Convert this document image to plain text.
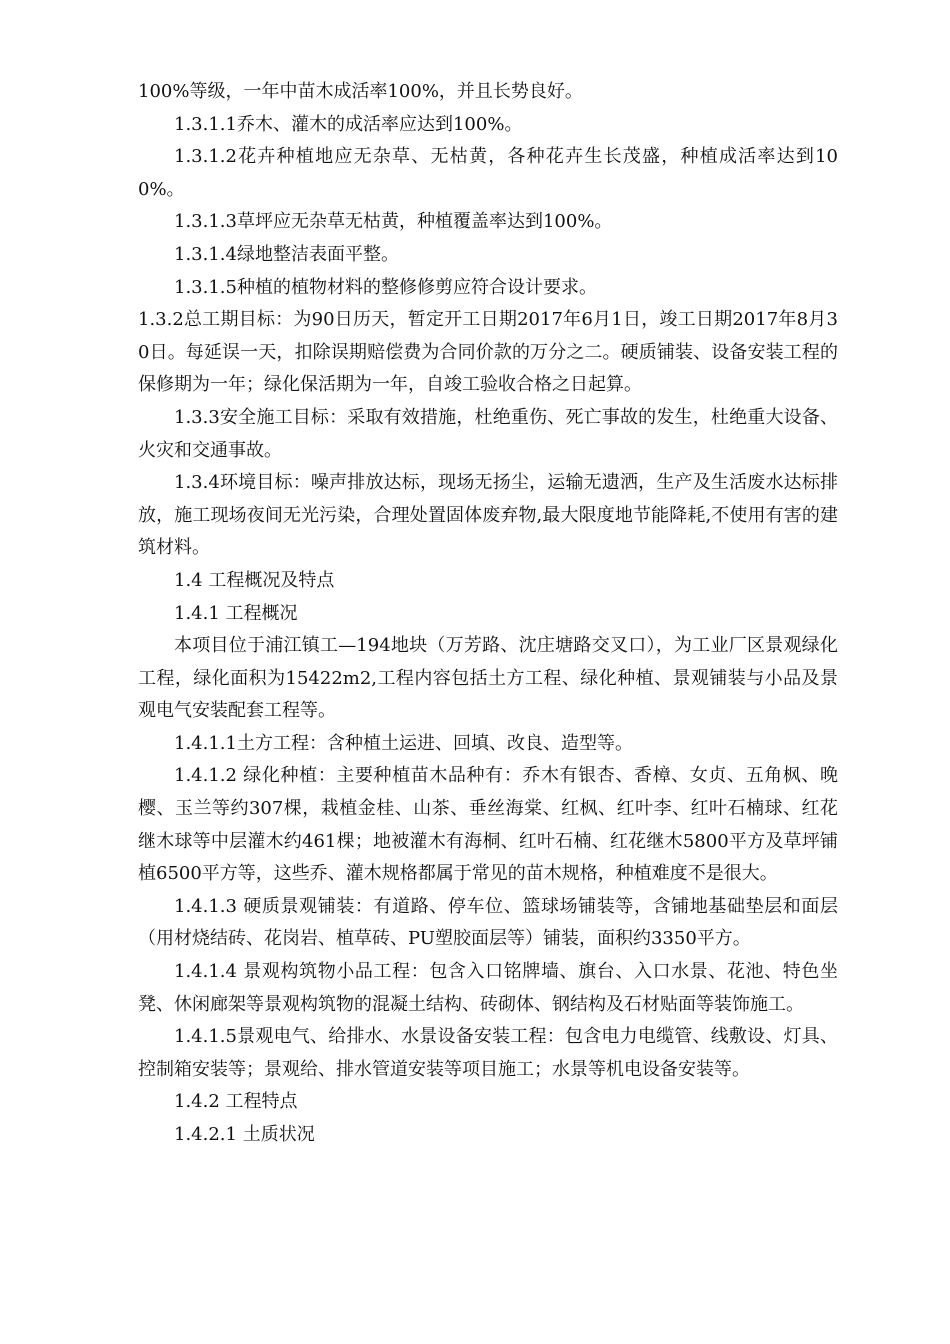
100%等级，一年中苗木成活率100%，并且长势良好。

1.3.1.1乔木、灌木的成活率应达到100%。

1.3.1.2花卉种植地应无杂草、无枯黄，各种花卉生长茂盛，种植成活率达到100%。

1.3.1.3草坪应无杂草无枯黄，种植覆盖率达到100%。

1.3.1.4绿地整洁表面平整。

1.3.1.5种植的植物材料的整修修剪应符合设计要求。

1.3.2总工期目标：为90日历天，暂定开工日期2017年6月1日，竣工日期2017年8月30日。每延误一天，扣除误期赔偿费为合同价款的万分之二。硬质铺装、设备安装工程的保修期为一年；绿化保活期为一年，自竣工验收合格之日起算。

1.3.3安全施工目标：采取有效措施，杜绝重伤、死亡事故的发生，杜绝重大设备、火灾和交通事故。

1.3.4环境目标：噪声排放达标，现场无扬尘，运输无遗洒，生产及生活废水达标排放，施工现场夜间无光污染，合理处置固体废弃物,最大限度地节能降耗,不使用有害的建筑材料。

1.4 工程概况及特点

1.4.1 工程概况

本项目位于浦江镇工—194地块（万芳路、沈庄塘路交叉口），为工业厂区景观绿化工程，绿化面积为15422m2,工程内容包括土方工程、绿化种植、景观铺装与小品及景观电气安装配套工程等。

1.4.1.1土方工程：含种植土运进、回填、改良、造型等。

1.4.1.2 绿化种植：主要种植苗木品种有：乔木有银杏、香樟、女贞、五角枫、晚樱、玉兰等约307棵，栽植金桂、山茶、垂丝海棠、红枫、红叶李、红叶石楠球、红花继木球等中层灌木约461棵；地被灌木有海桐、红叶石楠、红花继木5800平方及草坪铺植6500平方等，这些乔、灌木规格都属于常见的苗木规格，种植难度不是很大。

1.4.1.3 硬质景观铺装：有道路、停车位、篮球场铺装等，含铺地基础垫层和面层（用材烧结砖、花岗岩、植草砖、PU塑胶面层等）铺装，面积约3350平方。

1.4.1.4 景观构筑物小品工程：包含入口铭牌墙、旗台、入口水景、花池、特色坐凳、休闲廊架等景观构筑物的混凝土结构、砖砌体、钢结构及石材贴面等装饰施工。

1.4.1.5景观电气、给排水、水景设备安装工程：包含电力电缆管、线敷设、灯具、控制箱安装等；景观给、排水管道安装等项目施工；水景等机电设备安装等。

1.4.2 工程特点

1.4.2.1 土质状况
